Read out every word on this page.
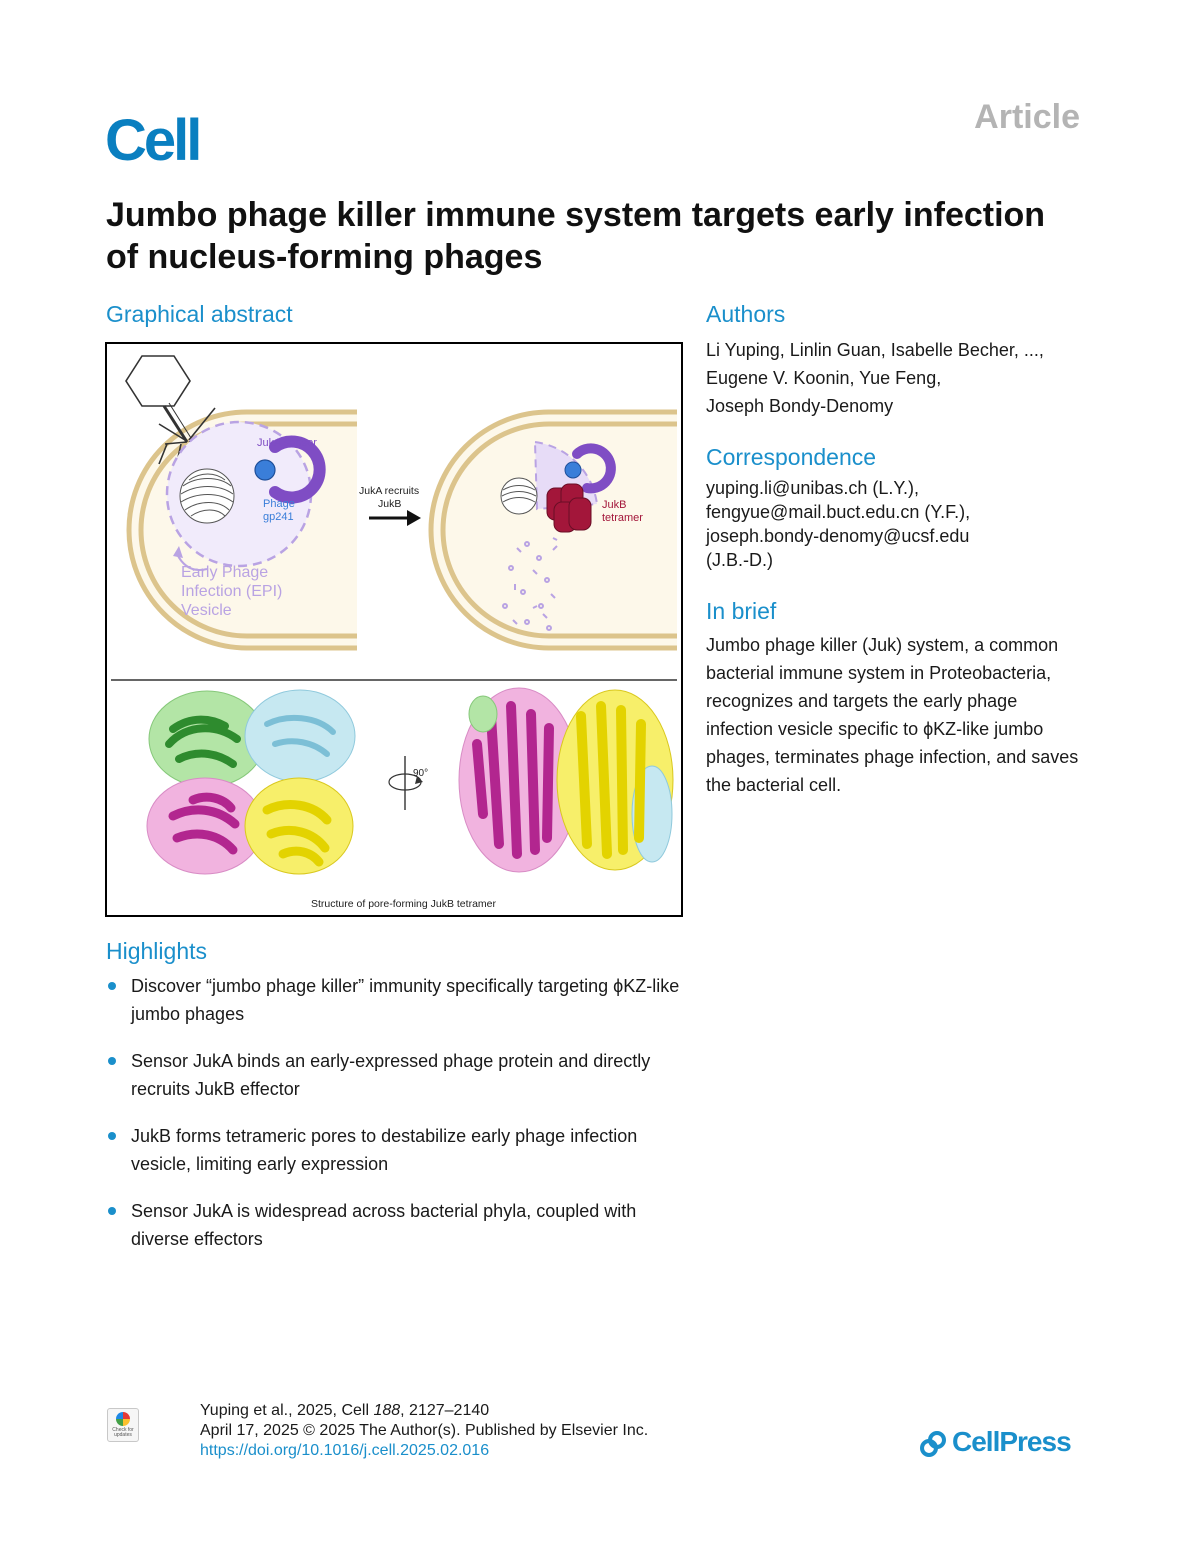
Cell	Article
Jumbo phage killer immune system targets early infection of nucleus-forming phages
Graphical abstract
JukA sensor
Phage
gp241
Early Phage
Infection (EPI)
Vesicle
JukA recruits
JukB	JukB
tetramer
90°
Structure of pore-forming JukB tetramer
Authors
Li Yuping, Linlin Guan, Isabelle Becher, ...,
Eugene V. Koonin, Yue Feng,
Joseph Bondy-Denomy
Correspondence
yuping.li@unibas.ch (L.Y.),
fengyue@mail.buct.edu.cn (Y.F.),
joseph.bondy-denomy@ucsf.edu
(J.B.-D.)
In brief

Jumbo phage killer (Juk) system, a common bacterial immune system in Proteobacteria, recognizes and targets the early phage infection vesicle specific to ϕKZ-like jumbo phages, terminates phage infection, and saves the bacterial cell.

Highlights
Discover “jumbo phage killer” immunity specifically targeting ϕKZ-like jumbo phages
Sensor JukA binds an early-expressed phage protein and directly recruits JukB effector
JukB forms tetrameric pores to destabilize early phage infection vesicle, limiting early expression
Sensor JukA is widespread across bacterial phyla, coupled with diverse effectors
Check for updates
Yuping et al., 2025, Cell 188, 2127–2140
April 17, 2025 © 2025 The Author(s). Published by Elsevier Inc.
https://doi.org/10.1016/j.cell.2025.02.016	CellPress
